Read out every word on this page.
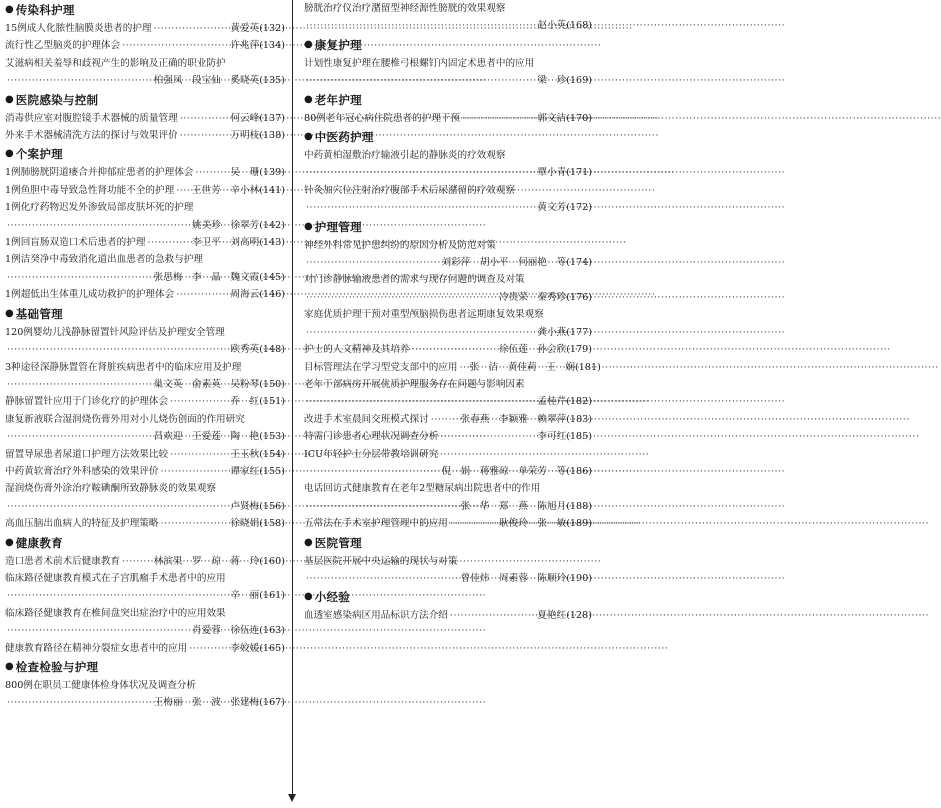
● 传染科护理
15例成人化脓性脑膜炎患者的护理 ·····	黄爱英 (132)
流行性乙型脑炎的护理体会 ·····	许兆萍 (134)
艾滋病相关羞辱和歧视产生的影响及正确的职业防护
·····
柏强凤　段宝仙　奚晓英 (135)
● 医院感染与控制
消毒供应室对腹腔镜手术器械的质量管理 ·····	何云峰 (137)
外来手术器械清洗方法的探讨与效果评价 ·····	万明枝 (138)
● 个案护理
1例肺膀胱阴道瘘合并抑郁症患者的护理体会 ·····	吴　珊 (139)
1例鱼胆中毒导致急性肾功能不全的护理 ····· 王世芳　辛小林 (141)
1例化疗药物迟发外渗致局部皮肤坏死的护理
·····
姚美珍　徐翠芳 (142)
1例回盲肠双造口术后患者的护理 ·····	李卫平　刘高明 (143)
1例洁癸净中毒致消化道出血患者的急救与护理
·····
张思梅　李　晶　魏文霞 (145)
1例超低出生体重儿成功救护的护理体会 ·····	周海云 (146)
● 基础管理
120例婴幼儿浅静脉留置针风险评估及护理安全管理
·····
欧秀英 (148)
3种途径深静脉置管在肾脏疾病患者中的临床应用及护理
·····
巢文英　俞素英　吴粉琴 (150)
静脉留置针应用于门诊化疗的护理体会 ·····	乔　红 (151)
康复新液联合湿润烧伤膏外用对小儿烧伤创面的作用研究
·····
昌欢迎　王爱莲　陶　艳 (153)
留置导尿患者尿道口护理方法效果比较 ·····	王玉秋 (154)
中药黄软膏治疗外科感染的效果评价 ·····	谭家红 (155)
湿润烧伤膏外涂治疗鞍碘酮所致静脉炎的效果观察
·····
卢贤梅 (156)
高血压脑出血病人的特征及护理策略 ·····	徐晓娟 (158)
● 健康教育
造口患者术前术后健康教育 ·····	林滨果　罗　琼　蒋　玲 (160)
临床路径健康教育模式在子宫肌瘤手术患者中的应用
·····
辛　丽 (161)
临床路径健康教育在椎间盘突出症治疗中的应用效果
·····
肖爱蓉　徐伍连 (163)
健康教育路径在精神分裂症女患者中的应用 ·····	李姣媛 (165)
● 检查检验与护理
800例在职员工健康体检身体状况及调查分析
·····
王梅丽　张　波　张建梅 (167)
膀胱治疗仪治疗潴留型神经源性膀胱的效果观察
·····
赵小英 (168)
● 康复护理
计划性康复护理在腰椎弓根螺钉内固定术患者中的应用
·····
梁　珍 (169)
● 老年护理
80例老年冠心病住院患者的护理干预 ·····	郭文洁 (170)
● 中医药护理
中药黄柏湿敷治疗输液引起的静脉炎的疗效观察
·····
覃小青 (171)
针灸加穴位注射治疗腹部手术后尿潴留的疗效观察
·····
黄文芳 (172)
● 护理管理
神经外科常见护患纠纷的原因分析及防范对策
·····
刘彩萍　胡小平　何丽艳　等 (174)
对门诊静脉输液患者的需求与现存问题的调查及对策
·····
冷贵荣　秦秀珍 (176)
家庭优质护理干预对重型颅脑损伤患者远期康复效果观察
·····
龚小燕 (177)
护士的人文精神及其培养 ·····	徐伍莲　孙会欣 (179)
目标管理法在学习型党支部中的应用 ····· 张　洁　黄佳莉　王　娴 (181)
老年干部病房开展优质护理服务存在问题与影响因素
·····
孟桂芹 (182)
改进手术室晨间交班模式探讨 ·····	张春燕　李颖雅　赖翠萍 (183)
特需门诊患者心理状况调查分析 ·····	李可红 (185)
ICU年轻护士分层带教培训研究
·····
倪　娟　蒋雅琼　单荣芳　等 (186)
电话回访式健康教育在老年2型糖尿病出院患者中的作用
·····
张　华　郑　燕　陈旭月 (188)
五常法在手术室护理管理中的应用 ·····	耿俊玲　张　敏 (189)
● 医院管理
基层医院开展中央运输的现状与对策
·····
曾佳炜　周素蓉　陈顺玲 (190)
● 小经验
血透室感染病区用品标识方法介绍 ·····	夏艳红 (128)
